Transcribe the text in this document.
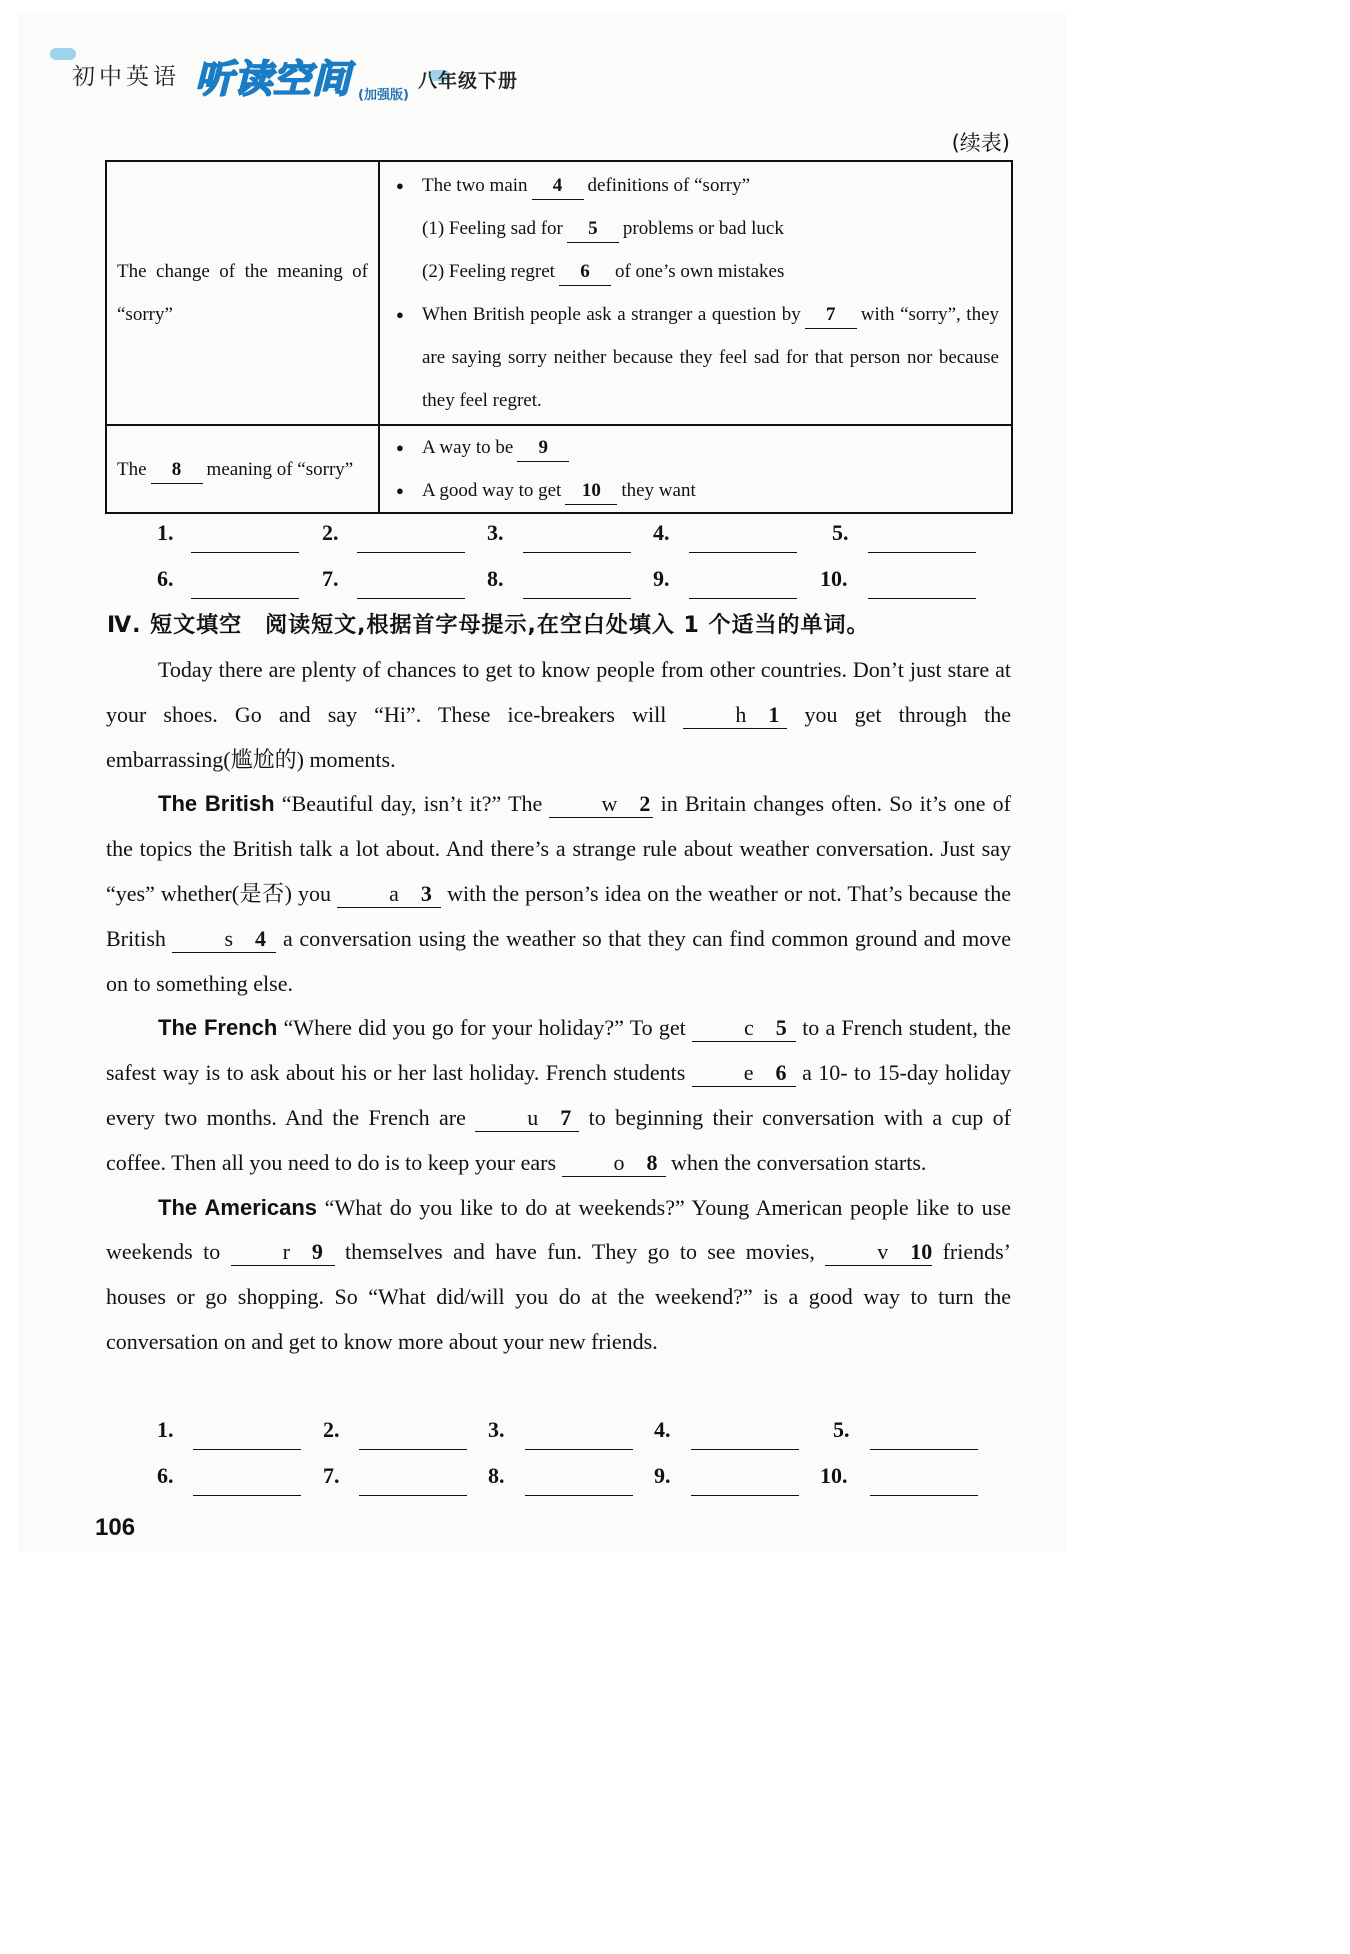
初中英语 听读空间 (加强版)
八年级下册
(续表)
The change of the meaning of “sorry”	● The two main 4 definitions of “sorry”
(1) Feeling sad for 5 problems or bad luck
(2) Feeling regret 6 of one’s own mistakes
● When British people ask a stranger a question by 7 with “sorry”, they are saying sorry neither because they feel sad for that person nor because they feel regret.

The 8 meaning of “sorry”	● A way to be 9
● A good way to get 10 they want
1.	2.	3.	4.	5.
6.	7.	8.	9.	10.
Ⅳ. 短文填空　阅读短文,根据首字母提示,在空白处填入 1 个适当的单词。

Today there are plenty of chances to get to know people from other countries. Don’t just stare at your shoes. Go and say “Hi”. These ice-breakers will h 1 you get through the embarrassing(尴尬的) moments.

The British “Beautiful day, isn’t it?” The w 2 in Britain changes often. So it’s one of the topics the British talk a lot about. And there’s a strange rule about weather conversation. Just say “yes” whether(是否) you a 3 with the person’s idea on the weather or not. That’s because the British s 4 a conversation using the weather so that they can find common ground and move on to something else.

The French “Where did you go for your holiday?” To get c 5 to a French student, the safest way is to ask about his or her last holiday. French students e 6 a 10- to 15-day holiday every two months. And the French are u 7 to beginning their conversation with a cup of coffee. Then all you need to do is to keep your ears o 8 when the conversation starts.

The Americans “What do you like to do at weekends?” Young American people like to use weekends to r 9 themselves and have fun. They go to see movies, v 10 friends’ houses or go shopping. So “What did/will you do at the weekend?” is a good way to turn the conversation on and get to know more about your new friends.

1.	2.	3.	4.	5.
6.	7.	8.	9.	10.
106
